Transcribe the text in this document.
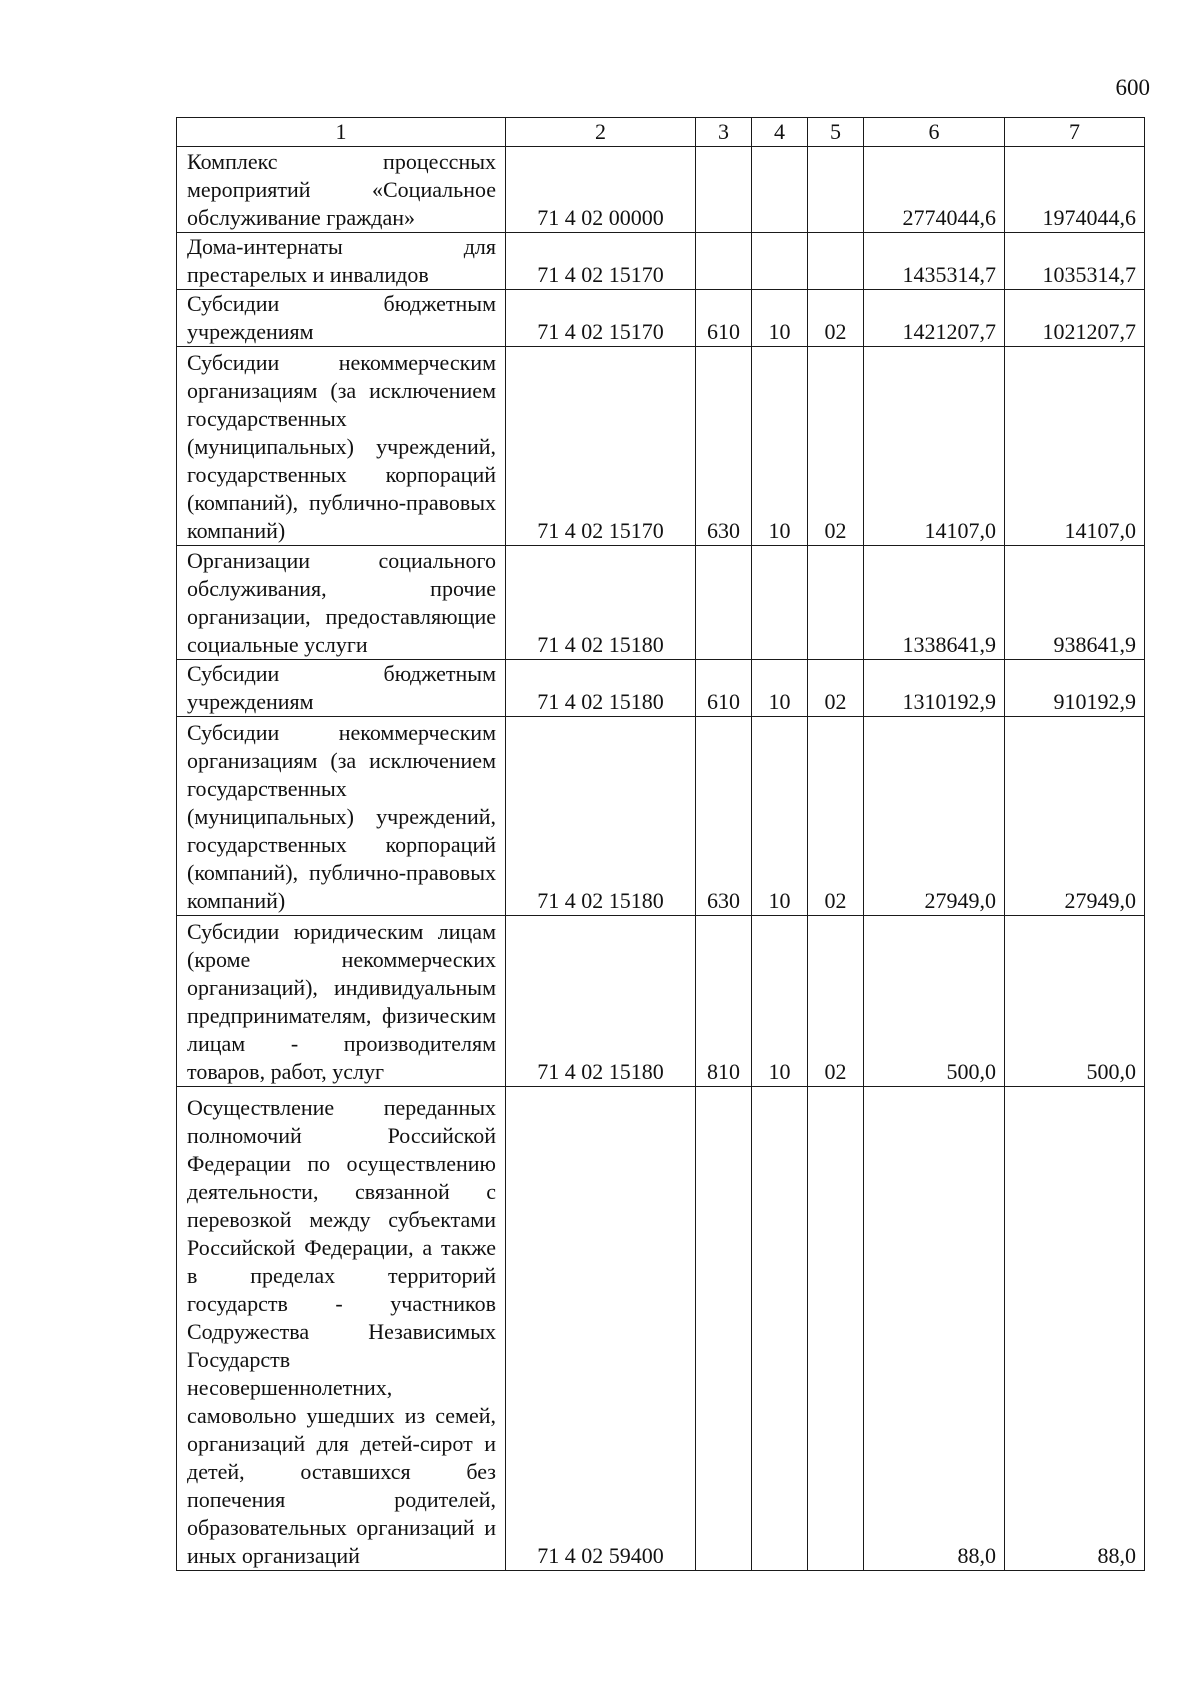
600
1	2	3	4	5	6	7
Комплекс процессных мероприятий «Социальное обслуживание граждан»	71 4 02 00000				2774044,6	1974044,6
Дома-интернаты для престарелых и инвалидов	71 4 02 15170				1435314,7	1035314,7
Субсидии бюджетным учреждениям	71 4 02 15170	610	10	02	1421207,7	1021207,7
Субсидии некоммерческим организациям (за исключением государственных (муниципальных) учреждений, государственных корпораций (компаний), публично-правовых компаний)	71 4 02 15170	630	10	02	14107,0	14107,0
Организации социального обслуживания, прочие организации, предоставляющие социальные услуги	71 4 02 15180				1338641,9	938641,9
Субсидии бюджетным учреждениям	71 4 02 15180	610	10	02	1310192,9	910192,9
Субсидии некоммерческим организациям (за исключением государственных (муниципальных) учреждений, государственных корпораций (компаний), публично-правовых компаний)	71 4 02 15180	630	10	02	27949,0	27949,0
Субсидии юридическим лицам (кроме некоммерческих организаций), индивидуальным предпринимателям, физическим лицам - производителям товаров, работ, услуг	71 4 02 15180	810	10	02	500,0	500,0
Осуществление переданных полномочий Российской Федерации по осуществлению деятельности, связанной с перевозкой между субъектами Российской Федерации, а также в пределах территорий государств - участников Содружества Независимых Государств несовершеннолетних, самовольно ушедших из семей, организаций для детей-сирот и детей, оставшихся без попечения родителей, образовательных организаций и иных организаций	71 4 02 59400				88,0	88,0
